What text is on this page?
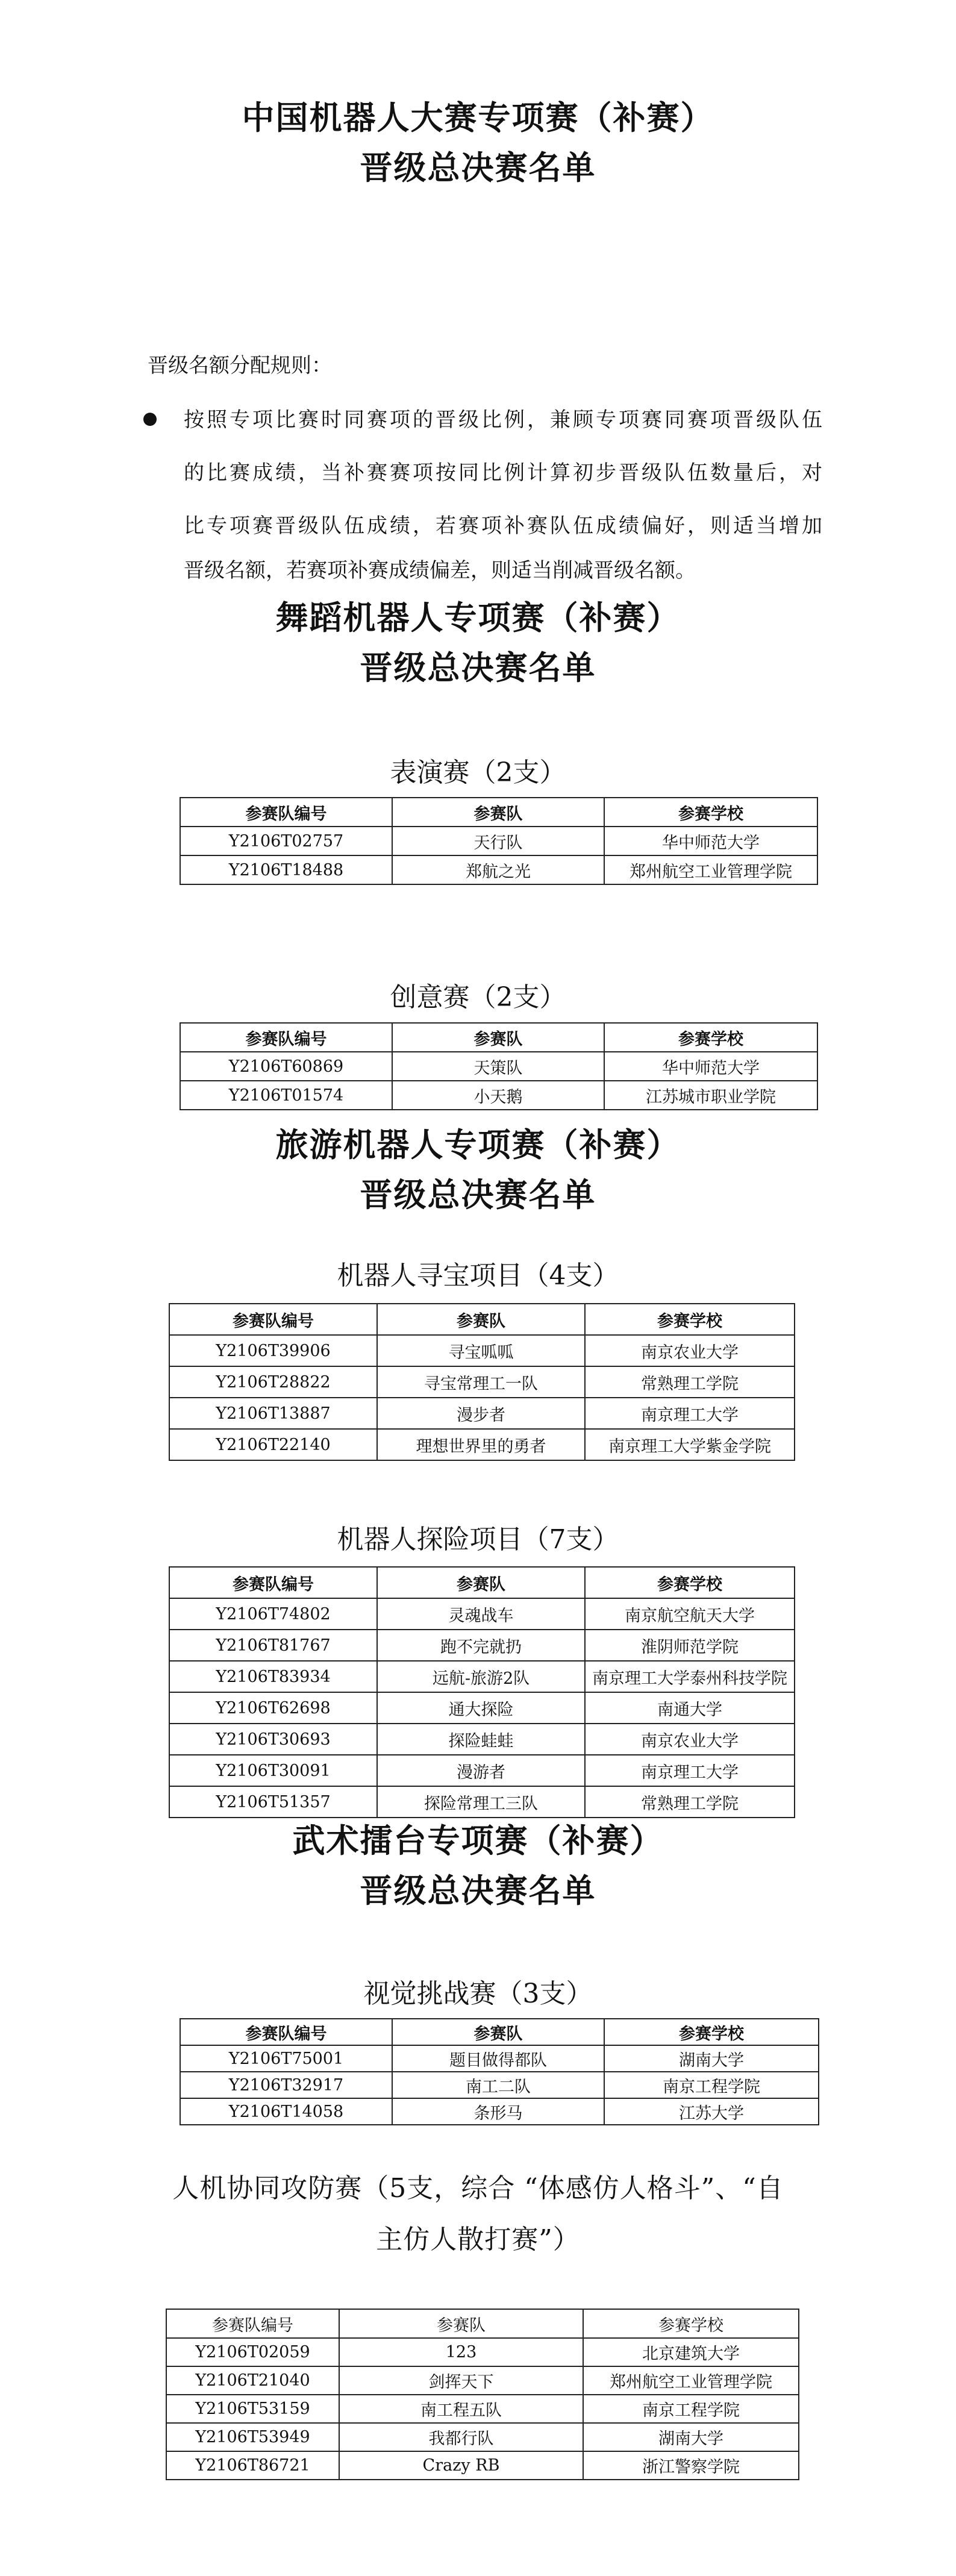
中国机器人大赛专项赛（补赛）
晋级总决赛名单
晋级名额分配规则：
按照专项比赛时同赛项的晋级比例，兼顾专项赛同赛项晋级队伍
的比赛成绩，当补赛赛项按同比例计算初步晋级队伍数量后，对
比专项赛晋级队伍成绩，若赛项补赛队伍成绩偏好，则适当增加
晋级名额，若赛项补赛成绩偏差，则适当削减晋级名额。
舞蹈机器人专项赛（补赛）
晋级总决赛名单
表演赛（2支）
参赛队编号	参赛队	参赛学校
Y2106T02757	天行队	华中师范大学
Y2106T18488	郑航之光	郑州航空工业管理学院
创意赛（2支）
参赛队编号	参赛队	参赛学校
Y2106T60869	天策队	华中师范大学
Y2106T01574	小天鹅	江苏城市职业学院
旅游机器人专项赛（补赛）
晋级总决赛名单
机器人寻宝项目（4支）
参赛队编号	参赛队	参赛学校
Y2106T39906	寻宝呱呱	南京农业大学
Y2106T28822	寻宝常理工一队	常熟理工学院
Y2106T13887	漫步者	南京理工大学
Y2106T22140	理想世界里的勇者	南京理工大学紫金学院
机器人探险项目（7支）
参赛队编号	参赛队	参赛学校
Y2106T74802	灵魂战车	南京航空航天大学
Y2106T81767	跑不完就扔	淮阴师范学院
Y2106T83934	远航-旅游2队	南京理工大学泰州科技学院
Y2106T62698	通大探险	南通大学
Y2106T30693	探险蛙蛙	南京农业大学
Y2106T30091	漫游者	南京理工大学
Y2106T51357	探险常理工三队	常熟理工学院
武术擂台专项赛（补赛）
晋级总决赛名单
视觉挑战赛（3支）
参赛队编号	参赛队	参赛学校
Y2106T75001	题目做得都队	湖南大学
Y2106T32917	南工二队	南京工程学院
Y2106T14058	条形马	江苏大学
人机协同攻防赛（5支，综合 “体感仿人格斗”、“自
主仿人散打赛”）
参赛队编号	参赛队	参赛学校
Y2106T02059	123	北京建筑大学
Y2106T21040	剑挥天下	郑州航空工业管理学院
Y2106T53159	南工程五队	南京工程学院
Y2106T53949	我都行队	湖南大学
Y2106T86721	Crazy RB	浙江警察学院
